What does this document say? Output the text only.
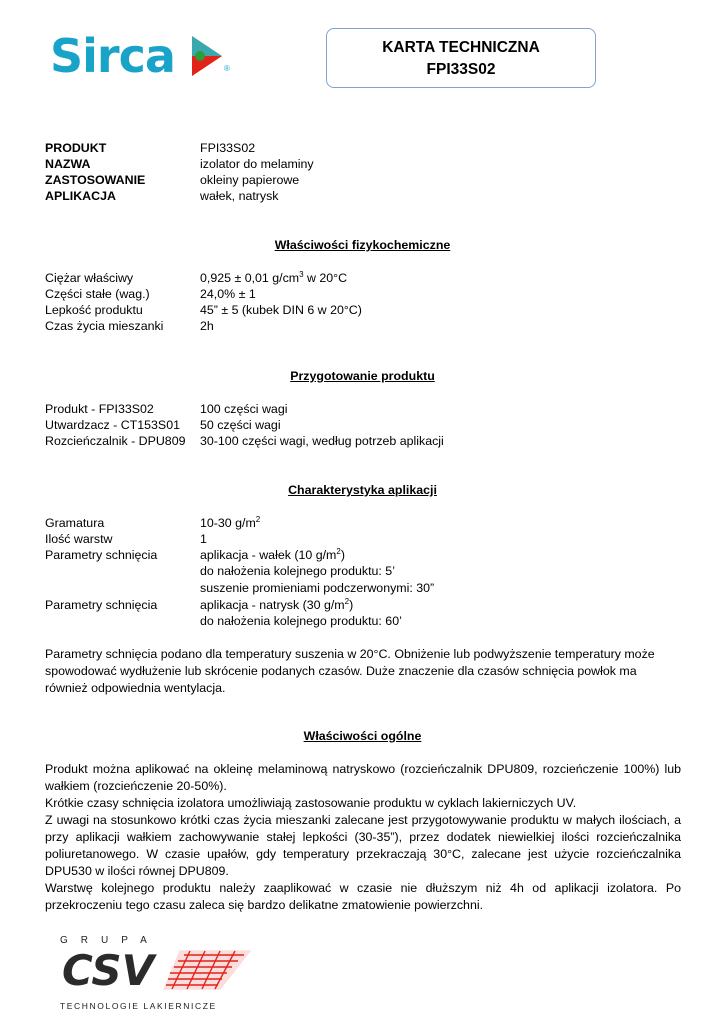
Sirca	®
KARTA TECHNICZNA
FPI33S02
PRODUKT	FPI33S02
NAZWA	izolator do melaminy
ZASTOSOWANIE	okleiny papierowe
APLIKACJA	wałek, natrysk
Właściwości fizykochemiczne
Ciężar właściwy	0,925 ± 0,01 $g/cm^3$ w 20°C
Części stałe (wag.)	24,0% ± 1
Lepkość produktu	45” ± 5 (kubek DIN 6 w 20°C)
Czas życia mieszanki	2h
Przygotowanie produktu
Produkt - FPI33S02	100 części wagi
Utwardzacz - CT153S01 50 części wagi
Rozcieńczalnik - DPU809 30-100 części wagi, według potrzeb aplikacji
Charakterystyka aplikacji
Gramatura	10-30 $g/m^2$
Ilość warstw	1
Parametry schnięcia	aplikacja - wałek (10 $g/m^2$)
do nałożenia kolejnego produktu: 5’
suszenie promieniami podczerwonymi: 30”
Parametry schnięcia	aplikacja - natrysk (30 $g/m^2$)
do nałożenia kolejnego produktu: 60’
Parametry schnięcia podano dla temperatury suszenia w 20°C. Obniżenie lub podwyższenie temperatury może spowodować wydłużenie lub skrócenie podanych czasów. Duże znaczenie dla czasów schnięcia powłok ma również odpowiednia wentylacja.
Właściwości ogólne
Produkt można aplikować na okleinę melaminową natryskowo (rozcieńczalnik DPU809, rozcieńczenie 100%) lub wałkiem (rozcieńczenie 20-50%).
Krótkie czasy schnięcia izolatora umożliwiają zastosowanie produktu w cyklach lakierniczych UV.
Z uwagi na stosunkowo krótki czas życia mieszanki zalecane jest przygotowywanie produktu w małych ilościach, a przy aplikacji wałkiem zachowywanie stałej lepkości (30-35”), przez dodatek niewielkiej ilości rozcieńczalnika poliuretanowego. W czasie upałów, gdy temperatury przekraczają 30°C, zalecane jest użycie rozcieńczalnika DPU530 w ilości równej DPU809.
Warstwę kolejnego produktu należy zaaplikować w czasie nie dłuższym niż 4h od aplikacji izolatora. Po przekroczeniu tego czasu zaleca się bardzo delikatne zmatowienie powierzchni.
GRUPA
CSV
TECHNOLOGIE LAKIERNICZE
